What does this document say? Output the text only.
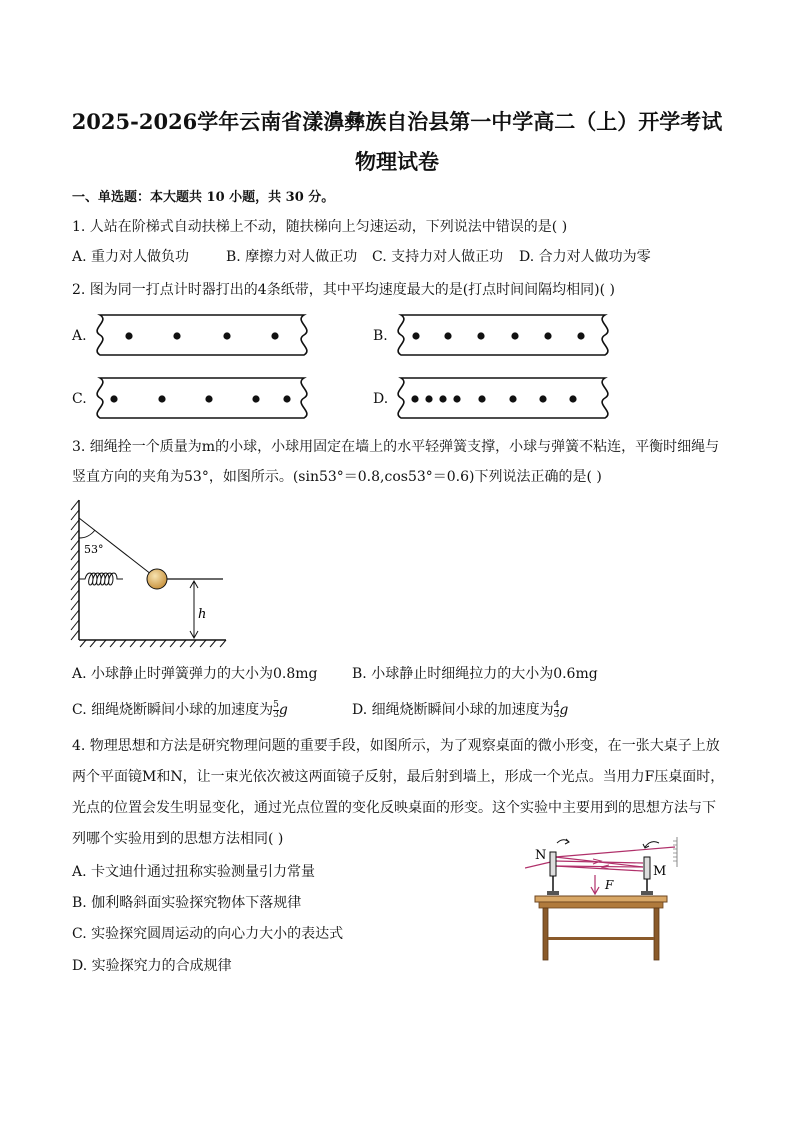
2025-2026学年云南省漾濞彝族自治县第一中学高二（上）开学考试
物理试卷
一、单选题：本大题共 10 小题，共 30 分。
1. 人站在阶梯式自动扶梯上不动，随扶梯向上匀速运动，下列说法中错误的是( )
A. 重力对人做负功	B. 摩擦力对人做正功 C. 支持力对人做正功 D. 合力对人做功为零
2. 图为同一打点计时器打出的4条纸带，其中平均速度最大的是(打点时间间隔均相同)( )
A.	B.
C.	D.
3. 细绳拴一个质量为m的小球，小球用固定在墙上的水平轻弹簧支撑，小球与弹簧不粘连，平衡时细绳与
竖直方向的夹角为53°，如图所示。(sin53°＝0.8,cos53°＝0.6)下列说法正确的是( )
53°
h
A. 小球静止时弹簧弹力的大小为0.8mg B. 小球静止时细绳拉力的大小为0.6mg
C. 细绳烧断瞬间小球的加速度为 $\frac{5}{3}$ g	D. 细绳烧断瞬间小球的加速度为 $\frac{4}{3}$ g
4. 物理思想和方法是研究物理问题的重要手段，如图所示，为了观察桌面的微小形变，在一张大桌子上放
两个平面镜M和N，让一束光依次被这两面镜子反射，最后射到墙上，形成一个光点。当用力F压桌面时，
光点的位置会发生明显变化，通过光点位置的变化反映桌面的形变。这个实验中主要用到的思想方法与下
列哪个实验用到的思想方法相同( )
A. 卡文迪什通过扭称实验测量引力常量
B. 伽利略斜面实验探究物体下落规律
C. 实验探究圆周运动的向心力大小的表达式
D. 实验探究力的合成规律
N
M
F
